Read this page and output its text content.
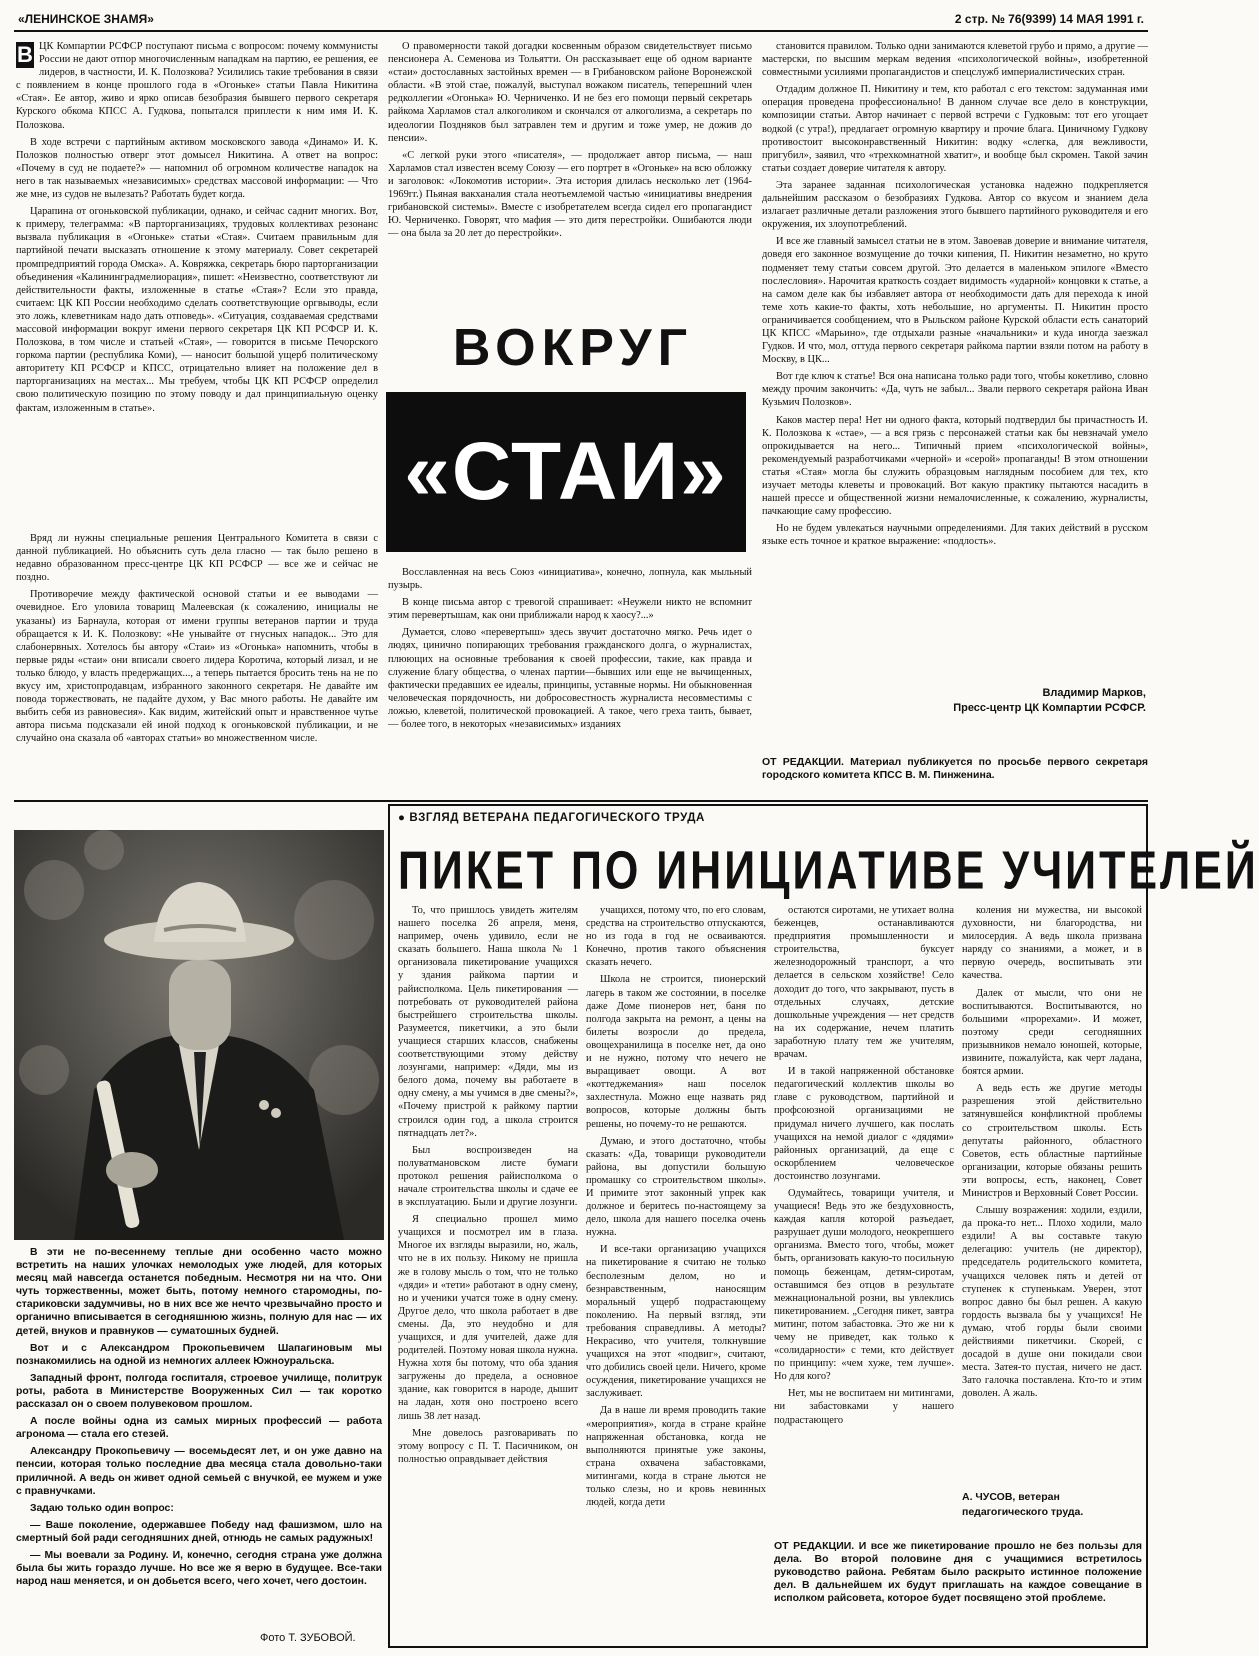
«ЛЕНИНСКОЕ ЗНАМЯ»	2 стр. № 76(9399) 14 МАЯ 1991 г.
В ЦК Компартии РСФСР поступают письма с вопросом: почему коммунисты России не дают отпор многочисленным нападкам на партию, ее решения, ее лидеров, в частности, И. К. Полозкова? Усилились такие требования в связи с появлением в конце прошлого года в «Огоньке» статьи Павла Никитина «Стая». Ее автор, живо и ярко описав безобразия бывшего первого секретаря Курского обкома КПСС А. Гудкова, попытался приплести к ним имя И. К. Полозкова.

В ходе встречи с партийным активом московского завода «Динамо» И. К. Полозков полностью отверг этот домысел Никитина. А ответ на вопрос: «Почему в суд не подаете?» — напомнил об огромном количестве нападок на него в так называемых «независимых» средствах массовой информации: — Что же мне, из судов не вылезать? Работать будет когда.

Царапина от огоньковской публикации, однако, и сейчас саднит многих. Вот, к примеру, телеграмма: «В парторганизациях, трудовых коллективах резонанс вызвала публикация в «Огоньке» статьи «Стая». Считаем правильным для партийной печати высказать отношение к этому материалу. Совет секретарей промпредприятий города Омска». А. Ковряжка, секретарь бюро парторганизации объединения «Калининградмелиорация», пишет: «Неизвестно, соответствуют ли действительности факты, изложенные в статье «Стая»? Если это правда, считаем: ЦК КП России необходимо сделать соответствующие оргвыводы, если это ложь, клеветникам надо дать отповедь». «Ситуация, создаваемая средствами массовой информации вокруг имени первого секретаря ЦК КП РСФСР И. К. Полозкова, в том числе и статьей «Стая», — говорится в письме Печорского горкома партии (республика Коми), — наносит большой ущерб политическому авторитету КП РСФСР и КПСС, отрицательно влияет на положение дел в парторганизациях на местах... Мы требуем, чтобы ЦК КП РСФСР определил свою политическую позицию по этому поводу и дал принципиальную оценку фактам, изложенным в статье».

Вряд ли нужны специальные решения Центрального Комитета в связи с данной публикацией. Но объяснить суть дела гласно — так было решено в недавно образованном пресс-центре ЦК КП РСФСР — все же и сейчас не поздно.

Противоречие между фактической основой статьи и ее выводами — очевидное. Его уловила товарищ Малеевская (к сожалению, инициалы не указаны) из Барнаула, которая от имени группы ветеранов партии и труда обращается к И. К. Полозкову: «Не унывайте от гнусных нападок... Это для слабонервных. Хотелось бы автору «Стаи» из «Огонька» напомнить, чтобы в первые ряды «стаи» они вписали своего лидера Коротича, который лизал, и не только блюдо, у власть предержащих..., а теперь пытается бросить тень на не по вкусу им, христопродавцам, избранного законного секретаря. Не давайте им повода торжествовать, не падайте духом, у Вас много работы. Не давайте им выбить себя из равновесия». Как видим, житейский опыт и нравственное чутье автора письма подсказали ей иной подход к огоньковской публикации, и не случайно она сказала об «авторах статьи» во множественном числе.

О правомерности такой догадки косвенным образом свидетельствует письмо пенсионера А. Семенова из Тольятти. Он рассказывает еще об одном варианте «стаи» достославных застойных времен — в Грибановском районе Воронежской области. «В этой стае, пожалуй, выступал вожаком писатель, теперешний член редколлегии «Огонька» Ю. Черниченко. И не без его помощи первый секретарь райкома Харламов стал алкоголиком и скончался от алкоголизма, а секретарь по идеологии Поздняков был затравлен тем и другим и тоже умер, не дожив до пенсии».

«С легкой руки этого «писателя», — продолжает автор письма, — наш Харламов стал известен всему Союзу — его портрет в «Огоньке» на всю обложку и заголовок: «Локомотив истории». Эта история длилась несколько лет (1964-1969гг.) Пьяная вакханалия стала неотъемлемой частью «инициативы внедрения грибановской системы». Вместе с изобретателем всегда сидел его пропагандист Ю. Черниченко. Говорят, что мафия — это дитя перестройки. Ошибаются люди — она была за 20 лет до перестройки».

ВОКРУГ
«СТАИ»

Восславленная на весь Союз «инициатива», конечно, лопнула, как мыльный пузырь.

В конце письма автор с тревогой спрашивает: «Неужели никто не вспомнит этим перевертышам, как они приближали народ к хаосу?...»

Думается, слово «перевертыш» здесь звучит достаточно мягко. Речь идет о людях, цинично попирающих требования гражданского долга, о журналистах, плюющих на основные требования к своей профессии, такие, как правда и служение благу общества, о членах партии—бывших или еще не вычищенных, фактически предавших ее идеалы, принципы, уставные нормы. Ни обыкновенная человеческая порядочность, ни добросовестность журналиста несовместимы с ложью, клеветой, политической провокацией. А такое, чего греха таить, бывает, — более того, в некоторых «независимых» изданиях

становится правилом. Только одни занимаются клеветой грубо и прямо, а другие — мастерски, по высшим меркам ведения «психологической войны», изобретенной совместными усилиями пропагандистов и спецслужб империалистических стран.

Отдадим должное П. Никитину и тем, кто работал с его текстом: задуманная ими операция проведена профессионально! В данном случае все дело в конструкции, композиции статьи. Автор начинает с первой встречи с Гудковым: тот его угощает водкой (с утра!), предлагает огромную квартиру и прочие блага. Циничному Гудкову противостоит высоконравственный Никитин: водку «слегка, для вежливости, пригубил», заявил, что «трехкомнатной хватит», и вообще был скромен. Такой зачин статьи создает доверие читателя к автору.

Эта заранее заданная психологическая установка надежно подкрепляется дальнейшим рассказом о безобразиях Гудкова. Автор со вкусом и знанием дела излагает различные детали разложения этого бывшего партийного руководителя и его окружения, их злоупотреблений.

И все же главный замысел статьи не в этом. Завоевав доверие и вниманиe читателя, доведя его законное возмущение до точки кипения, П. Никитин незаметно, но круто подменяет тему статьи совсем другой. Это делается в маленьком эпилоге «Вместо послесловия». Нарочитая краткость создает видимость «ударной» концовки к статье, а на самом деле как бы избавляет автора от необходимости дать для перехода к иной теме хоть какие-то факты, хоть небольшие, но аргументы. П. Никитин просто ограничивается сообщением, что в Рыльском районе Курской области есть санаторий ЦК КПСС «Марьино», где отдыхали разные «начальники» и куда иногда заезжал Гудков. И что, мол, оттуда первого секретаря райкома партии взяли потом на работу в Москву, в ЦК...

Вот где ключ к статье! Вся она написана только ради того, чтобы кокетливо, словно между прочим закончить: «Да, чуть не забыл... Звали первого секретаря района Иван Кузьмич Полозков».

Каков мастер пера! Нет ни одного факта, который подтвердил бы причастность И. К. Полозкова к «стае», — а вся грязь с персонажей статьи как бы невзначай умело опрокидывается на него... Типичный прием «психологической войны», рекомендуемый разработчиками «черной» и «серой» пропаганды! В этом отношении статья «Стая» могла бы служить образцовым наглядным пособием для тех, кто изучает методы клеветы и провокаций. Вот какую практику пытаются насадить в нашей прессе и общественной жизни немалочисленные, к сожалению, журналисты, пачкающие саму профессию.

Но не будем увлекаться научными определениями. Для таких действий в русском языке есть точное и краткое выражение: «подлость».

Владимир Марков,
Пресс-центр ЦК Компартии РСФСР.

ОТ РЕДАКЦИИ. Материал публикуется по просьбе первого секретаря городского комитета КПСС В. М. Пинженина.

В эти не по-весеннему теплые дни особенно часто можно встретить на наших улочках немолодых уже людей, для которых месяц май навсегда останется победным. Несмотря ни на что. Они чуть торжественны, может быть, потому немного старомодны, по-стариковски задумчивы, но в них все же нечто чрезвычайно просто и органично вписывается в сегодняшнюю жизнь, полную для нас — их детей, внуков и правнуков — суматошных будней.

Вот и с Александром Прокопьевичем Шапагиновым мы познакомились на одной из немногих аллеек Южноуральска.

Западный фронт, полгода госпиталя, строевое училище, политрук роты, работа в Министерстве Вооруженных Сил — так коротко рассказал он о своем полувековом прошлом.

А после войны одна из самых мирных профессий — работа агронома — стала его стезей.

Александру Прокопьевичу — восемьдесят лет, и он уже давно на пенсии, которая только последние два месяца стала довольно-таки приличной. А ведь он живет одной семьей с внучкой, ее мужем и уже с правнучками.

Задаю только один вопрос:

— Ваше поколение, одержавшее Победу над фашизмом, шло на смертный бой ради сегодняшних дней, отнюдь не самых радужных!

— Мы воевали за Родину. И, конечно, сегодня страна уже должна была бы жить гораздо лучше. Но все же я верю в будущее. Все-таки народ наш меняется, и он добьется всего, чего хочет, чего достоин.

Фото Т. ЗУБОВОЙ.
● ВЗГЛЯД ВЕТЕРАНА ПЕДАГОГИЧЕСКОГО ТРУДА
ПИКЕТ ПО ИНИЦИАТИВЕ УЧИТЕЛЕЙ

То, что пришлось увидеть жителям нашего поселка 26 апреля, меня, например, очень удивило, если не сказать большего. Наша школа № 1 организовала пикетирование учащихся у здания райкома партии и райисполкома. Цель пикетирования — потребовать от руководителей района быстрейшего строительства школы. Разумеется, пикетчики, а это были учащиеся старших классов, снабжены соответствующими этому действу лозунгами, например: «Дяди, мы из белого дома, почему вы работаете в одну смену, а мы учимся в две смены?», «Почему пристрой к райкому партии строился один год, а школа строится пятнадцать лет?».

Был воспроизведен на полуватмановском листе бумаги протокол решения райисполкома о начале строительства школы и сдаче ее в эксплуатацию. Были и другие лозунги.

Я специально прошел мимо учащихся и посмотрел им в глаза. Многое их взгляды выразили, но, жаль, что не в их пользу. Никому не пришла же в голову мысль о том, что не только «дяди» и «тети» работают в одну смену, но и ученики учатся тоже в одну смену. Другое дело, что школа работает в две смены. Да, это неудобно и для учащихся, и для учителей, даже для родителей. Поэтому новая школа нужна. Нужна хотя бы потому, что оба здания загружены до предела, а основное здание, как говорится в народе, дышит на ладан, хотя оно построено всего лишь 38 лет назад.

Мне довелось разговаривать по этому вопросу с П. Т. Пасичником, он полностью оправдывает действия

учащихся, потому что, по его словам, средства на строительство отпускаются, но из года в год не осваиваются. Конечно, против такого объяснения сказать нечего.

Школа не строится, пионерский лагерь в таком же состоянии, в поселке даже Доме пионеров нет, баня по полгода закрыта на ремонт, а цены на билеты возросли до предела, овощехранилища в поселке нет, да оно и не нужно, потому что нечего не выращивает овощи. А вот «коттеджемания» наш поселок захлестнула. Можно еще назвать ряд вопросов, которые должны быть решены, но почему-то не решаются.

Думаю, и этого достаточно, чтобы сказать: «Да, товарищи руководители района, вы допустили большую промашку со строительством школы». И примите этот законный упрек как должное и беритесь по-настоящему за дело, школа для нашего поселка очень нужна.

И все-таки организацию учащихся на пикетирование я считаю не только бесполезным делом, но и безнравственным, наносящим моральный ущерб подрастающему поколению. На первый взгляд, эти требования справедливы. А методы? Некрасиво, что учителя, толкнувшие учащихся на этот «подвиг», считают, что добились своей цели. Ничего, кроме осуждения, пикетирование учащихся не заслуживает.

Да в наше ли время проводить такие «мероприятия», когда в стране крайне напряженная обстановка, когда не выполняются принятые уже законы, страна охвачена забастовками, митингами, когда в стране льются не только слезы, но и кровь невинных людей, когда дети

остаются сиротами, не утихает волна беженцев, останавливаются предприятия промышленности и строительства, буксует железнодорожный транспорт, а что делается в сельском хозяйстве! Село доходит до того, что закрывают, пусть в отдельных случаях, детские дошкольные учреждения — нет средств на их содержание, нечем платить заработную плату тем же учителям, врачам.

И в такой напряженной обстановке педагогический коллектив школы во главе с руководством, партийной и профсоюзной организациями не придумал ничего лучшего, как послать учащихся на немой диалог с «дядями» районных организаций, да еще с оскорблением человеческое достоинство лозунгами.

Одумайтесь, товарищи учителя, и учащиеся! Ведь это же бездуховность, каждая капля которой разъедает, разрушает души молодого, неокрепшего организма. Вместо того, чтобы, может быть, организовать какую-то посильную помощь беженцам, детям-сиротам, оставшимся без отцов в результате межнациональной розни, вы увлеклись пикетированием. „Сегодня пикет, завтра митинг, потом забастовка. Это же ни к чему не приведет, как только к «солидарности» с теми, кто действует по принципу: «чем хуже, тем лучше». Но для кого?

Нет, мы не воспитаем ни митингами, ни забастовками у нашего подрастающего

коления ни мужества, ни высокой духовности, ни благородства, ни милосердия. А ведь школа призвана наряду со знаниями, а может, и в первую очередь, воспитывать эти качества.

Далек от мысли, что они не воспитываются. Воспитываются, но большими «прорехами». И может, поэтому среди сегодняшних призывников немало юношей, которые, извините, пожалуйста, как черт ладана, боятся армии.

А ведь есть же другие методы разрешения этой действительно затянувшейся конфликтной проблемы со строительством школы. Есть депутаты районного, областного Советов, есть областные партийные организации, которые обязаны решить эти вопросы, есть, наконец, Совет Министров и Верховный Совет России.

Слышу возражения: ходили, ездили, да прока-то нет... Плохо ходили, мало ездили! А вы составьте такую делегацию: учитель (не директор), председатель родительского комитета, учащихся человек пять и детей от ступенек к ступенькам. Уверен, этот вопрос давно бы был решен. А какую гордость вызвала бы у учащихся! Не думаю, чтоб горды были своими действиями пикетчики. Скорей, с досадой в душе они покидали свои места. Затея-то пустая, ничего не даст. Зато галочка поставлена. Кто-то и этим доволен. А жаль.

А. ЧУСОВ, ветеран педагогического труда.

ОТ РЕДАКЦИИ. И все же пикетирование прошло не без пользы для дела. Во второй половине дня с учащимися встретилось руководство района. Ребятам было раскрыто истинное положение дел. В дальнейшем их будут приглашать на каждое совещание в исполком райсовета, которое будет посвящено этой проблеме.
